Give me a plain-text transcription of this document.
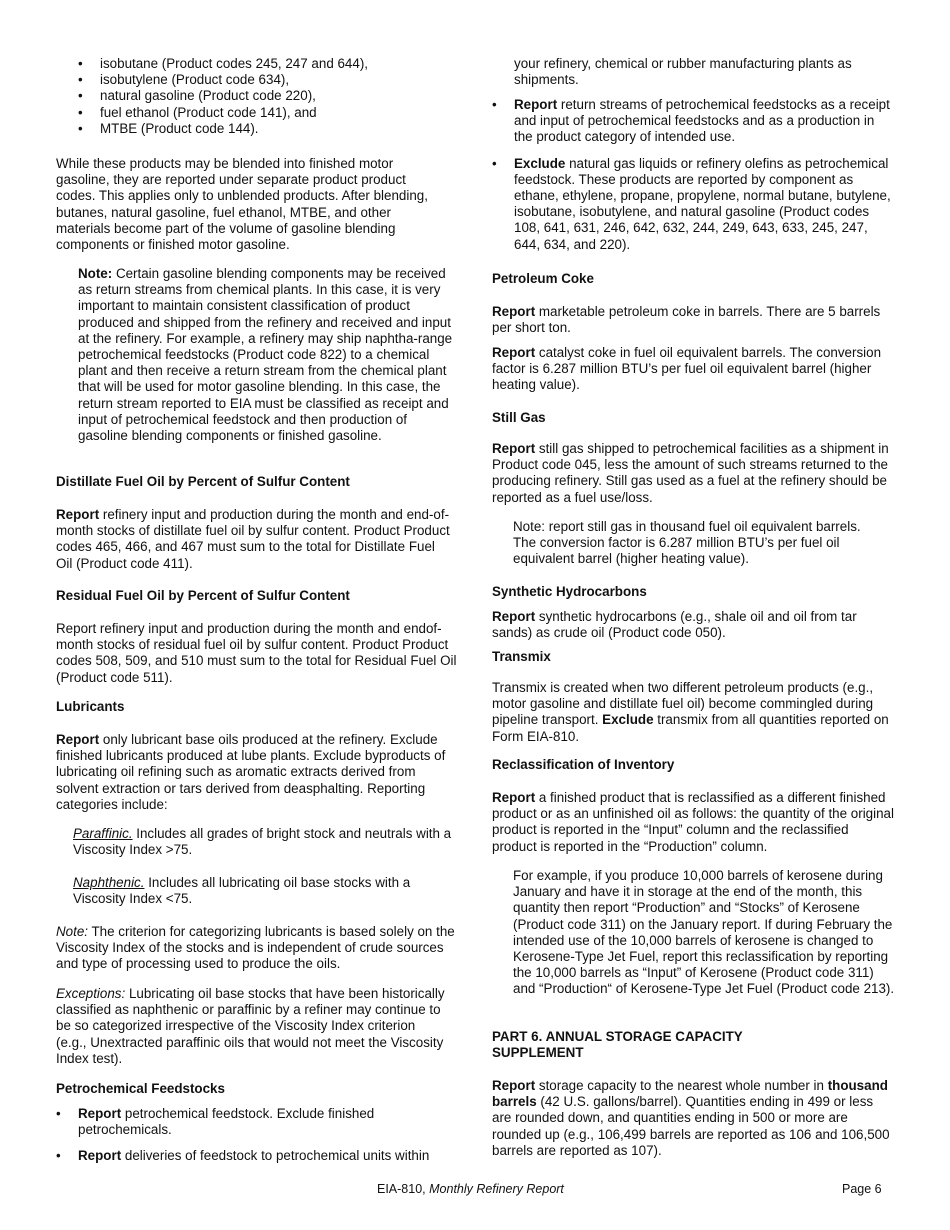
• isobutane (Product codes 245, 247 and 644),
• isobutylene (Product code 634),
• natural gasoline (Product code 220),
• fuel ethanol (Product code 141), and
• MTBE (Product code 144).

While these products may be blended into finished motor gasoline, they are reported under separate product product codes. This applies only to unblended products. After blending, butanes, natural gasoline, fuel ethanol, MTBE, and other materials become part of the volume of gasoline blending components or finished motor gasoline.

Note: Certain gasoline blending components may be received as return streams from chemical plants. In this case, it is very important to maintain consistent classification of product produced and shipped from the refinery and received and input at the refinery. For example, a refinery may ship naphtha-range petrochemical feedstocks (Product code 822) to a chemical plant and then receive a return stream from the chemical plant that will be used for motor gasoline blending. In this case, the return stream reported to EIA must be classified as receipt and input of petrochemical feedstock and then production of gasoline blending components or finished gasoline.

Distillate Fuel Oil by Percent of Sulfur Content

Report refinery input and production during the month and end-of-month stocks of distillate fuel oil by sulfur content. Product Product codes 465, 466, and 467 must sum to the total for Distillate Fuel Oil (Product code 411).

Residual Fuel Oil by Percent of Sulfur Content

Report refinery input and production during the month and endof-month stocks of residual fuel oil by sulfur content. Product Product codes 508, 509, and 510 must sum to the total for Residual Fuel Oil (Product code 511).

Lubricants

Report only lubricant base oils produced at the refinery. Exclude finished lubricants produced at lube plants. Exclude byproducts of lubricating oil refining such as aromatic extracts derived from solvent extraction or tars derived from deasphalting. Reporting categories include:

Paraffinic. Includes all grades of bright stock and neutrals with a Viscosity Index >75.

Naphthenic. Includes all lubricating oil base stocks with a Viscosity Index <75.

Note: The criterion for categorizing lubricants is based solely on the Viscosity Index of the stocks and is independent of crude sources and type of processing used to produce the oils.

Exceptions: Lubricating oil base stocks that have been historically classified as naphthenic or paraffinic by a refiner may continue to be so categorized irrespective of the Viscosity Index criterion (e.g., Unextracted paraffinic oils that would not meet the Viscosity Index test).

Petrochemical Feedstocks
• Report petrochemical feedstock. Exclude finished petrochemicals.
• Report deliveries of feedstock to petrochemical units within

your refinery, chemical or rubber manufacturing plants as shipments.

• Report return streams of petrochemical feedstocks as a receipt and input of petrochemical feedstocks and as a production in the product category of intended use.
• Exclude natural gas liquids or refinery olefins as petrochemical feedstock. These products are reported by component as ethane, ethylene, propane, propylene, normal butane, butylene, isobutane, isobutylene, and natural gasoline (Product codes 108, 641, 631, 246, 642, 632, 244, 249, 643, 633, 245, 247, 644, 634, and 220).
Petroleum Coke

Report marketable petroleum coke in barrels. There are 5 barrels per short ton.

Report catalyst coke in fuel oil equivalent barrels. The conversion factor is 6.287 million BTU’s per fuel oil equivalent barrel (higher heating value).

Still Gas

Report still gas shipped to petrochemical facilities as a shipment in Product code 045, less the amount of such streams returned to the producing refinery. Still gas used as a fuel at the refinery should be reported as a fuel use/loss.

Note: report still gas in thousand fuel oil equivalent barrels. The conversion factor is 6.287 million BTU’s per fuel oil equivalent barrel (higher heating value).

Synthetic Hydrocarbons

Report synthetic hydrocarbons (e.g., shale oil and oil from tar sands) as crude oil (Product code 050).

Transmix

Transmix is created when two different petroleum products (e.g., motor gasoline and distillate fuel oil) become commingled during pipeline transport. Exclude transmix from all quantities reported on Form EIA-810.

Reclassification of Inventory

Report a finished product that is reclassified as a different finished product or as an unfinished oil as follows: the quantity of the original product is reported in the “Input” column and the reclassified product is reported in the “Production” column.

For example, if you produce 10,000 barrels of kerosene during January and have it in storage at the end of the month, this quantity then report “Production” and “Stocks” of Kerosene (Product code 311) on the January report. If during February the intended use of the 10,000 barrels of kerosene is changed to Kerosene-Type Jet Fuel, report this reclassification by reporting the 10,000 barrels as “Input” of Kerosene (Product code 311) and “Production“ of Kerosene-Type Jet Fuel (Product code 213).

PART 6. ANNUAL STORAGE CAPACITY
SUPPLEMENT

Report storage capacity to the nearest whole number in thousand barrels (42 U.S. gallons/barrel). Quantities ending in 499 or less are rounded down, and quantities ending in 500 or more are rounded up (e.g., 106,499 barrels are reported as 106 and 106,500 barrels are reported as 107).

EIA-810, Monthly Refinery Report	Page 6
